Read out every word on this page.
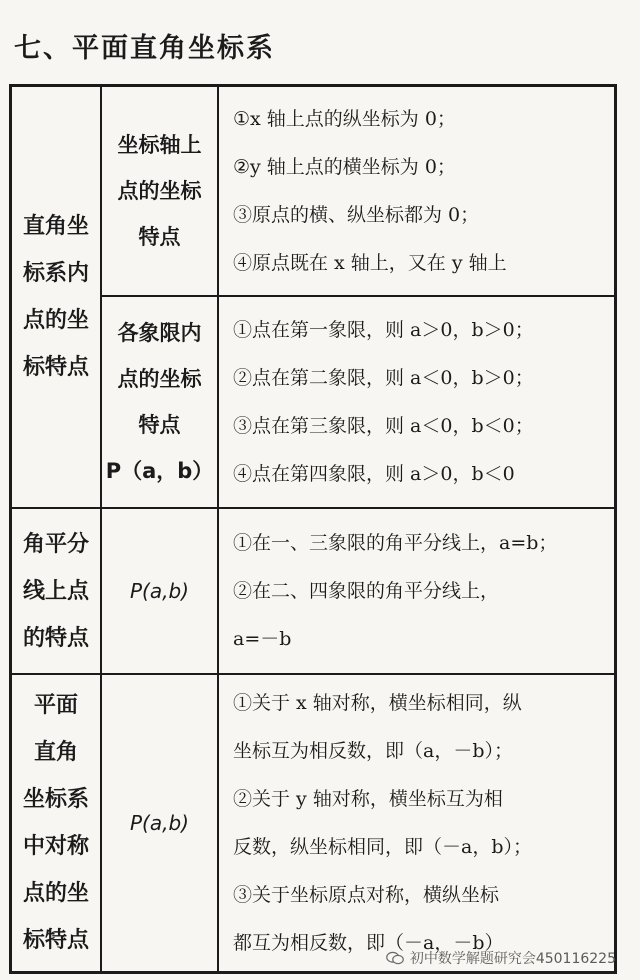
七、平面直角坐标系
直角坐
标系内
点的坐
标特点
坐标轴上
点的坐标
特点
①x 轴上点的纵坐标为 0；
②y 轴上点的横坐标为 0；
③原点的横、纵坐标都为 0；
④原点既在 x 轴上，又在 y 轴上
各象限内
点的坐标
特点
P（a，b）
①点在第一象限，则 a＞0，b＞0；
②点在第二象限，则 a＜0，b＞0；
③点在第三象限，则 a＜0，b＜0；
④点在第四象限，则 a＞0，b＜0
角平分
线上点
的特点
P(a,b)
①在一、三象限的角平分线上，a=b；
②在二、四象限的角平分线上，
a=－b
平面
直角
坐标系
中对称
点的坐
标特点
P(a,b)
①关于 x 轴对称，横坐标相同，纵
坐标互为相反数，即（a，－b）；
②关于 y 轴对称，横坐标互为相
反数，纵坐标相同，即（－a，b）；
③关于坐标原点对称，横纵坐标
都互为相反数，即（－a，－b）
初中数学解题研究会450116225
